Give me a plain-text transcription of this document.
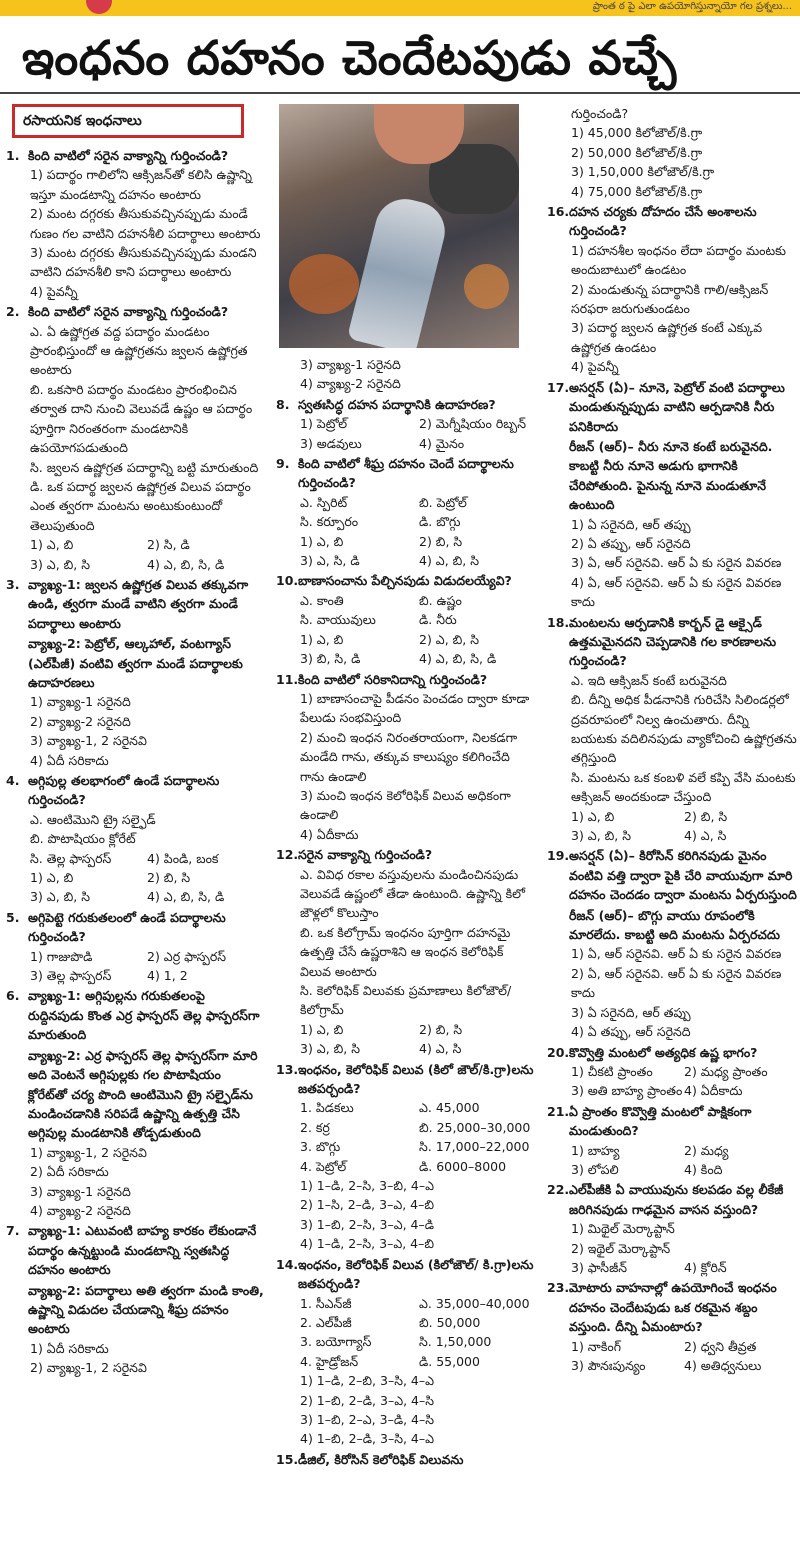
ప్రాంత ఠ పై ఎలా ఉపయోగిస్తున్నాయో గల ప్రశ్నలు...
ఇంధనం దహనం చెందేటపుడు వచ్చే
రసాయనిక ఇంధనాలు
1. కింది వాటిలో సరైన వాక్యాన్ని గుర్తించండి?
1) పదార్థం గాలిలోని ఆక్సిజన్‌తో కలిసి ఉష్ణాన్ని ఇస్తూ మండటాన్ని దహనం అంటారు
2) మంట దగ్గరకు తీసుకువచ్చినప్పుడు మండే గుణం గల వాటిని దహనశీలి పదార్థాలు అంటారు
3) మంట దగ్గరకు తీసుకువచ్చినప్పుడు మండని వాటిని దహనశీలి కాని పదార్థాలు అంటారు
4) పైవన్నీ
2. కింది వాటిలో సరైన వాక్యాన్ని గుర్తించండి?
ఎ. ఏ ఉష్ణోగ్రత వద్ద పదార్థం మండటం ప్రారంభిస్తుందో ఆ ఉష్ణోగ్రతను జ్వలన ఉష్ణోగ్రత అంటారు
బి. ఒకసారి పదార్థం మండటం ప్రారంభించిన తర్వాత దాని నుంచి వెలువడే ఉష్ణం ఆ పదార్థం పూర్తిగా నిరంతరంగా మండటానికి ఉపయోగపడుతుంది
సి. జ్వలన ఉష్ణోగ్రత పదార్థాన్ని బట్టి మారుతుంది
డి. ఒక పదార్థ జ్వలన ఉష్ణోగ్రత విలువ పదార్థం ఎంత త్వరగా మంటను అంటుకుంటుందో తెలుపుతుంది
1) ఎ, బి	2) సి, డి
3) ఎ, బి, సి	4) ఎ, బి, సి, డి
3. వ్యాఖ్య-1: జ్వలన ఉష్ణోగ్రత విలువ తక్కువగా ఉండి, త్వరగా మండే వాటిని త్వరగా మండే పదార్థాలు అంటారు
వ్యాఖ్య-2: పెట్రోల్, ఆల్కహాల్, వంటగ్యాస్ (ఎల్‌పీజీ) వంటివి త్వరగా మండే పదార్థాలకు ఉదాహరణలు
1) వ్యాఖ్య-1 సరైనది
2) వ్యాఖ్య-2 సరైనది
3) వ్యాఖ్య-1, 2 సరైనవి
4) ఏదీ సరికాదు
4. అగ్గిపుల్ల తలభాగంలో ఉండే పదార్థాలను గుర్తించండి?
ఎ. ఆంటిమొని ట్రై సల్ఫైడ్
బి. పొటాషియం క్లోరేట్
సి. తెల్ల ఫాస్పరస్	4) పిండి, బంక
1) ఎ, బి	2) బి, సి
3) ఎ, బి, సి	4) ఎ, బి, సి, డి
5. అగ్గిపెట్టె గరుకుతలంలో ఉండే పదార్థాలను గుర్తించండి?
1) గాజుపొడి	2) ఎర్ర ఫాస్పరస్
3) తెల్ల ఫాస్పరస్	4) 1, 2
6. వ్యాఖ్య-1: అగ్గిపుల్లను గరుకుతలంపై రుద్దినపుడు కొంత ఎర్ర ఫాస్పరస్ తెల్ల ఫాస్పరస్‌గా మారుతుంది
వ్యాఖ్య-2: ఎర్ర ఫాస్పరస్ తెల్ల ఫాస్పరస్‌గా మారి అది వెంటనే అగ్గిపుల్లకు గల పొటాషియం క్లోరేట్‌తో చర్య పొంది ఆంటిమొని ట్రై సల్ఫైడ్‌ను మండించడానికి సరిపడే ఉష్ణాన్ని ఉత్పత్తి చేసి అగ్గిపుల్ల మండటానికి తోడ్పడుతుంది
1) వ్యాఖ్య-1, 2 సరైనవి
2) ఏదీ సరికాదు
3) వ్యాఖ్య-1 సరైనది
4) వ్యాఖ్య-2 సరైనది
7. వ్యాఖ్య-1: ఎటువంటి బాహ్య కారకం లేకుండానే పదార్థం ఉన్నట్టుండి మండటాన్ని స్వతఃసిద్ధ దహనం అంటారు
వ్యాఖ్య-2: పదార్థాలు అతి త్వరగా మండి కాంతి, ఉష్ణాన్ని విడుదల చేయడాన్ని శీఘ్ర దహనం అంటారు
1) ఏదీ సరికాదు
2) వ్యాఖ్య-1, 2 సరైనవి
3) వ్యాఖ్య-1 సరైనది
4) వ్యాఖ్య-2 సరైనది
8. స్వతఃసిద్ధ దహన పదార్థానికి ఉదాహరణ?
1) పెట్రోల్	2) మెగ్నీషియం రిబ్బన్
3) అడవులు	4) మైనం
9. కింది వాటిలో శీఘ్ర దహనం చెందే పదార్థాలను గుర్తించండి?
ఎ. స్పిరిట్	బి. పెట్రోల్
సి. కర్పూరం	డి. బొగ్గు
1) ఎ, బి	2) బి, సి
3) ఎ, సి, డి	4) ఎ, బి, సి
10. బాణాసంచాను పేల్చినపుడు విడుదలయ్యేవి?
ఎ. కాంతి	బి. ఉష్ణం
సి. వాయువులు	డి. నీరు
1) ఎ, బి	2) ఎ, బి, సి
3) బి, సి, డి	4) ఎ, బి, సి, డి
11. కింది వాటిలో సరికానిదాన్ని గుర్తించండి?
1) బాణాసంచాపై పీడనం పెంచడం ద్వారా కూడా పేలుడు సంభవిస్తుంది
2) మంచి ఇంధన నిరంతరాయంగా, నిలకడగా మండేది గాను, తక్కువ కాలుష్యం కలిగించేది గాను ఉండాలి
3) మంచి ఇంధన కెలోరిఫిక్ విలువ అధికంగా ఉండాలి
4) ఏదీకాదు
12. సరైన వాక్యాన్ని గుర్తించండి?
ఎ. వివిధ రకాల వస్తువులను మండించినపుడు వెలువడే ఉష్ణంలో తేడా ఉంటుంది. ఉష్ణాన్ని కిలో జౌళ్లలో కొలుస్తాం
బి. ఒక కిలోగ్రామ్ ఇంధనం పూర్తిగా దహనమై ఉత్పత్తి చేసే ఉష్ణరాశిని ఆ ఇంధన కెలోరిఫిక్ విలువ అంటారు
సి. కెలోరిఫిక్ విలువకు ప్రమాణాలు కిలోజౌల్/కిలోగ్రామ్
1) ఎ, బి	2) బి, సి
3) ఎ, బి, సి	4) ఎ, సి
13. ఇంధనం, కెలోరిఫిక్ విలువ (కిలో జౌల్/కి.గ్రా)లను జతపర్చండి?
1. పిడకలు	ఎ. 45,000
2. కర్ర	బి. 25,000–30,000
3. బొగ్గు	సి. 17,000–22,000
4. పెట్రోల్	డి. 6000–8000
1) 1–డి, 2–సి, 3–బి, 4–ఎ
2) 1–సి, 2–డి, 3–ఎ, 4–బి
3) 1–బి, 2–సి, 3–ఎ, 4–డి
4) 1–డి, 2–సి, 3–ఎ, 4–బి
14. ఇంధనం, కెలోరిఫిక్ విలువ (కిలోజౌల్/ కి.గ్రా)లను జతపర్చండి?
1. సీఎన్‌జీ	ఎ. 35,000–40,000
2. ఎల్‌పీజీ	బి. 50,000
3. బయోగ్యాస్	సి. 1,50,000
4. హైడ్రోజన్	డి. 55,000
1) 1–డి, 2–బి, 3–సి, 4–ఎ
2) 1–బి, 2–డి, 3–ఎ, 4–సి
3) 1–బి, 2–ఎ, 3–డి, 4–సి
4) 1–బి, 2–డి, 3–సి, 4–ఎ
15. డీజిల్, కిరోసిన్ కెలోరిఫిక్ విలువను
గుర్తించండి?
1) 45,000 కిలోజౌల్/కి.గ్రా
2) 50,000 కిలోజౌల్/కి.గ్రా
3) 1,50,000 కిలోజౌల్/కి.గ్రా
4) 75,000 కిలోజౌల్/కి.గ్రా
16. దహన చర్యకు దోహదం చేసే అంశాలను గుర్తించండి?
1) దహనశీల ఇంధనం లేదా పదార్థం మంటకు అందుబాటులో ఉండటం
2) మండుతున్న పదార్థానికి గాలి/ఆక్సిజన్ సరఫరా జరుగుతుండటం
3) పదార్థ జ్వలన ఉష్ణోగ్రత కంటే ఎక్కువ ఉష్ణోగ్రత ఉండటం
4) పైవన్నీ
17. అసర్షన్ (ఏ)– నూనె, పెట్రోల్ వంటి పదార్థాలు మండుతున్నప్పుడు వాటిని ఆర్పడానికి నీరు పనికిరాదు
రీజన్ (ఆర్)– నీరు నూనె కంటే బరువైనది. కాబట్టి నీరు నూనె అడుగు భాగానికి చేరిపోతుంది. పైనున్న నూనె మండుతూనే ఉంటుంది
1) ఏ సరైనది, ఆర్ తప్పు
2) ఏ తప్పు, ఆర్ సరైనది
3) ఏ, ఆర్ సరైనవి. ఆర్ ఏ కు సరైన వివరణ
4) ఏ, ఆర్ సరైనవి. ఆర్ ఏ కు సరైన వివరణ కాదు
18. మంటలను ఆర్పడానికి కార్బన్ డై ఆక్సైడ్ ఉత్తమమైనదని చెప్పడానికి గల కారణాలను గుర్తించండి?
ఎ. ఇది ఆక్సిజన్ కంటే బరువైనది
బి. దీన్ని అధిక పీడనానికి గురిచేసి సిలిండర్లలో ద్రవరూపంలో నిల్వ ఉంచుతారు. దీన్ని బయటకు వదిలినపుడు వ్యాకోచించి ఉష్ణోగ్రతను తగ్గిస్తుంది
సి. మంటను ఒక కంబళి వలే కప్పి వేసి మంటకు ఆక్సిజన్ అందకుండా చేస్తుంది
1) ఎ, బి	2) బి, సి
3) ఎ, బి, సి	4) ఎ, సి
19. అసర్షన్ (ఏ)– కిరోసిన్ కరిగినపుడు మైనం వంటివి వత్తి ద్వారా పైకి చేరి వాయువుగా మారి దహనం చెందడం ద్వారా మంటను ఏర్పరుస్తుంది
రీజన్ (ఆర్)– బొగ్గు వాయు రూపంలోకి మారలేదు. కాబట్టి అది మంటను ఏర్పరచదు
1) ఏ, ఆర్ సరైనవి. ఆర్ ఏ కు సరైన వివరణ
2) ఏ, ఆర్ సరైనవి. ఆర్ ఏ కు సరైన వివరణ కాదు
3) ఏ సరైనది, ఆర్ తప్పు
4) ఏ తప్పు, ఆర్ సరైనది
20. కొవ్వొత్తి మంటలో అత్యధిక ఉష్ణ భాగం?
1) చీకటి ప్రాంతం	2) మధ్య ప్రాంతం
3) అతి బాహ్య ప్రాంతం 4) ఏదీకాదు
21. ఏ ప్రాంతం కొవ్వొత్తి మంటలో పాక్షికంగా మండుతుంది?
1) బాహ్య	2) మధ్య
3) లోపలి	4) కింది
22. ఎల్‌పీజీకి ఏ వాయువును కలపడం వల్ల లీకేజీ జరిగినపుడు గాఢమైన వాసన వస్తుంది?
1) మిథైల్ మెర్కాప్టాన్
2) ఇథైల్ మెర్కాప్టాన్
3) ఫాసీజీన్	4) క్లోరిన్
23. మోటారు వాహనాల్లో ఉపయోగించే ఇంధనం దహనం చెందేటపుడు ఒక రకమైన శబ్దం వస్తుంది. దీన్ని ఏమంటారు?
1) నాకింగ్	2) ధ్వని తీవ్రత
3) పౌనఃపున్యం	4) అతిధ్వనులు
